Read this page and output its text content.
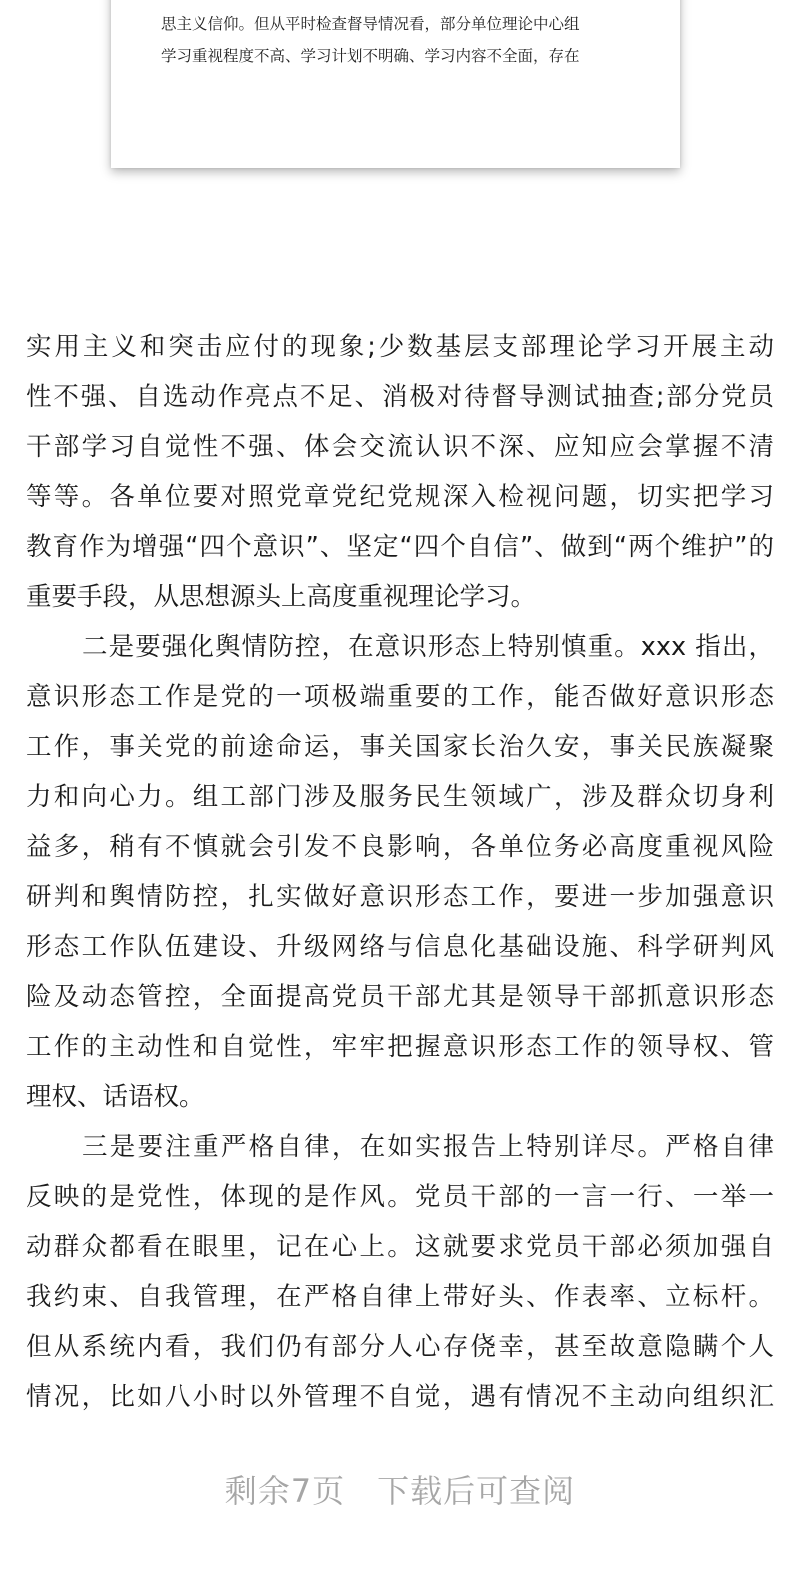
思主义信仰。但从平时检查督导情况看，部分单位理论中心组
学习重视程度不高、学习计划不明确、学习内容不全面，存在
实用主义和突击应付的现象;少数基层支部理论学习开展主动
性不强、自选动作亮点不足、消极对待督导测试抽查;部分党员
干部学习自觉性不强、体会交流认识不深、应知应会掌握不清
等等。各单位要对照党章党纪党规深入检视问题，切实把学习
教育作为增强“四个意识”、坚定“四个自信”、做到“两个维护”的
重要手段，从思想源头上高度重视理论学习。
二是要强化舆情防控，在意识形态上特别慎重。xxx 指出，
意识形态工作是党的一项极端重要的工作，能否做好意识形态
工作，事关党的前途命运，事关国家长治久安，事关民族凝聚
力和向心力。组工部门涉及服务民生领域广，涉及群众切身利
益多，稍有不慎就会引发不良影响，各单位务必高度重视风险
研判和舆情防控，扎实做好意识形态工作，要进一步加强意识
形态工作队伍建设、升级网络与信息化基础设施、科学研判风
险及动态管控，全面提高党员干部尤其是领导干部抓意识形态
工作的主动性和自觉性，牢牢把握意识形态工作的领导权、管
理权、话语权。
三是要注重严格自律，在如实报告上特别详尽。严格自律
反映的是党性，体现的是作风。党员干部的一言一行、一举一
动群众都看在眼里，记在心上。这就要求党员干部必须加强自
我约束、自我管理，在严格自律上带好头、作表率、立标杆。
但从系统内看，我们仍有部分人心存侥幸，甚至故意隐瞒个人
情况，比如八小时以外管理不自觉，遇有情况不主动向组织汇
剩余7页 下载后可查阅
